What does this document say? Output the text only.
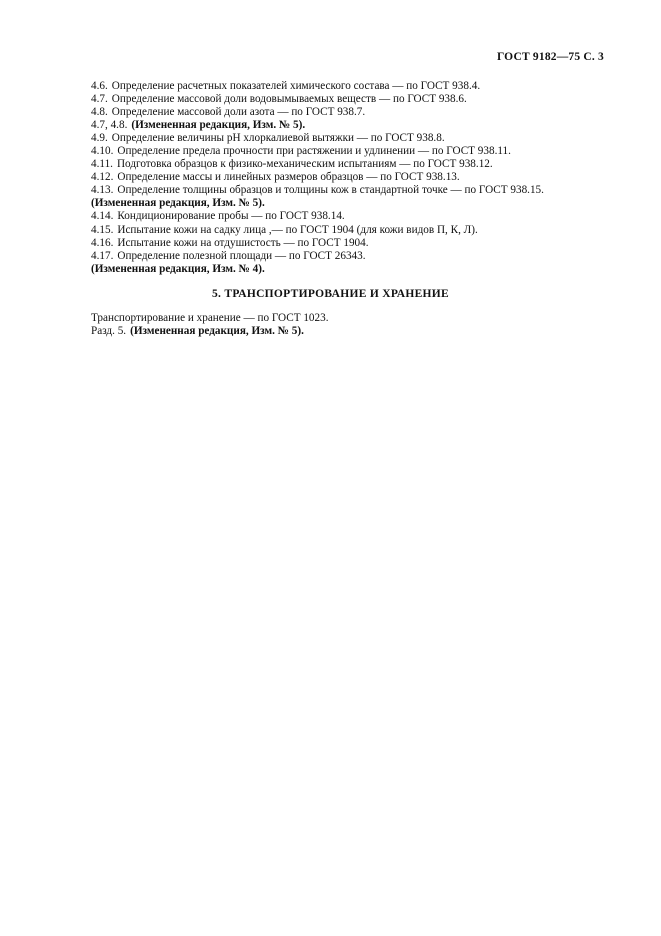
ГОСТ 9182—75 С. 3
4.6. Определение расчетных показателей химического состава — по ГОСТ 938.4.
4.7. Определение массовой доли водовымываемых веществ — по ГОСТ 938.6.
4.8. Определение массовой доли азота — по ГОСТ 938.7.
4.7, 4.8. (Измененная редакция, Изм. № 5).
4.9. Определение величины pH хлоркалиевой вытяжки — по ГОСТ 938.8.
4.10. Определение предела прочности при растяжении и удлинении — по ГОСТ 938.11.
4.11. Подготовка образцов к физико-механическим испытаниям — по ГОСТ 938.12.
4.12. Определение массы и линейных размеров образцов — по ГОСТ 938.13.
4.13. Определение толщины образцов и толщины кож в стандартной точке — по ГОСТ 938.15.
(Измененная редакция, Изм. № 5).
4.14. Кондиционирование пробы — по ГОСТ 938.14.
4.15. Испытание кожи на садку лица ,— по ГОСТ 1904 (для кожи видов П, К, Л).
4.16. Испытание кожи на отдушистость — по ГОСТ 1904.
4.17. Определение полезной площади — по ГОСТ 26343.
(Измененная редакция, Изм. № 4).
5. ТРАНСПОРТИРОВАНИЕ И ХРАНЕНИЕ
Транспортирование и хранение — по ГОСТ 1023.
Разд. 5. (Измененная редакция, Изм. № 5).
